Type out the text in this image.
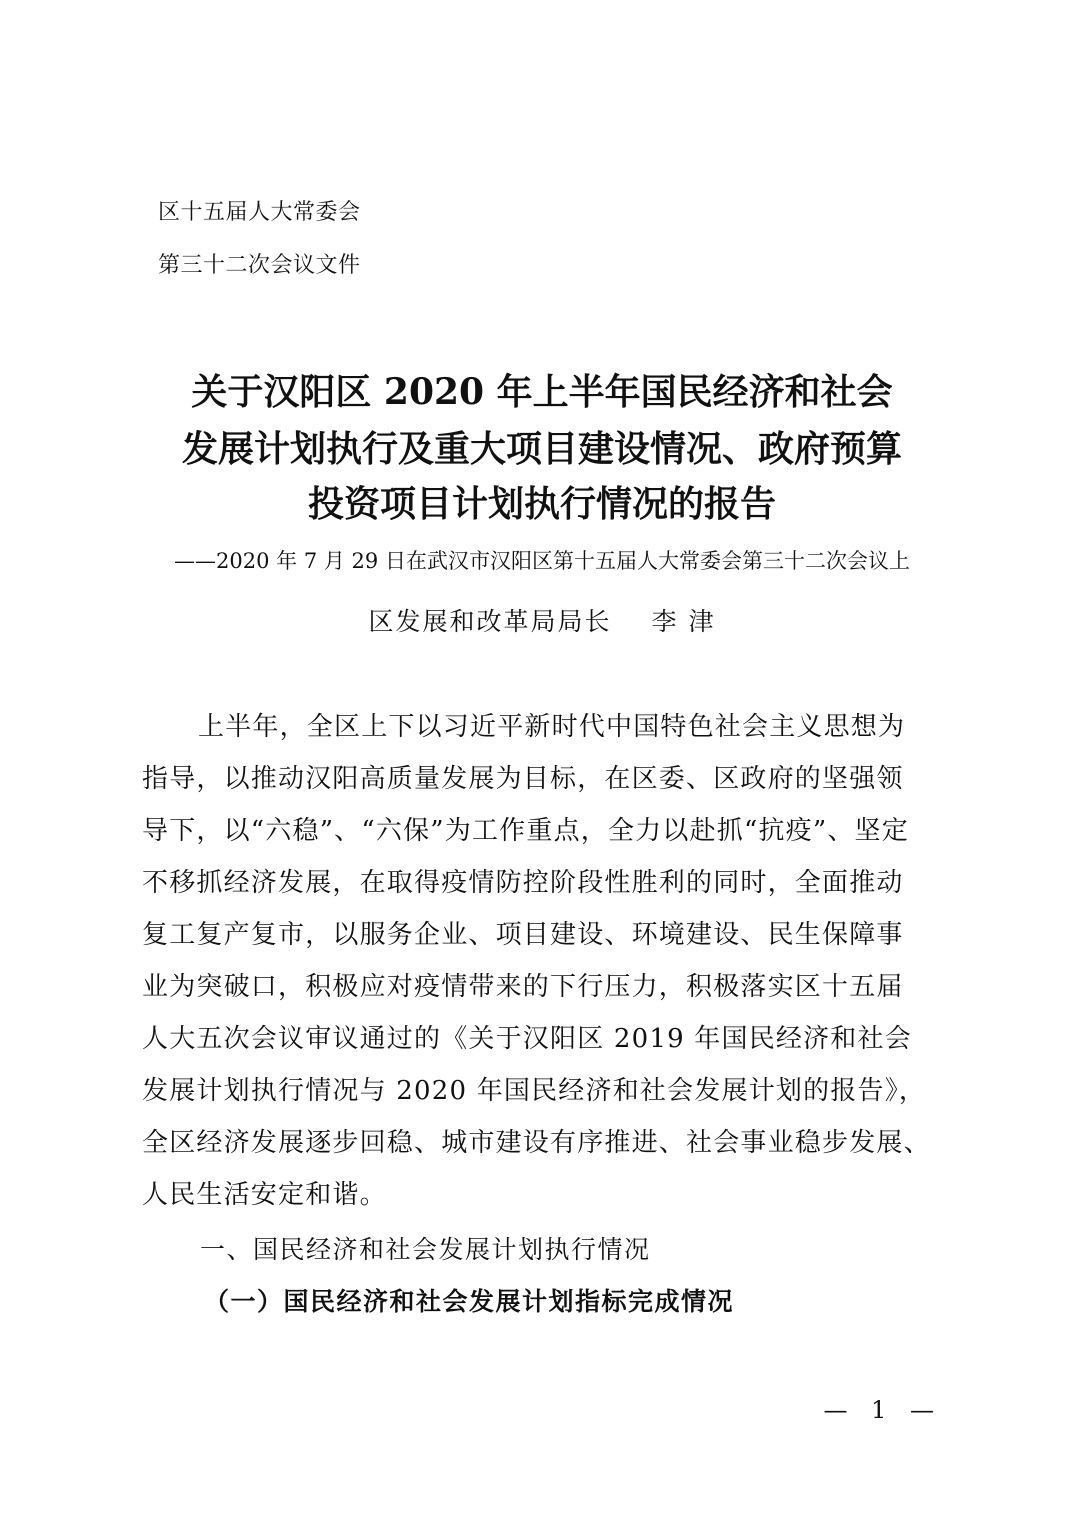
区十五届人大常委会
第三十二次会议文件
关于汉阳区 2020 年上半年国民经济和社会
发展计划执行及重大项目建设情况、政府预算
投资项目计划执行情况的报告
——2020 年 7 月 29 日在武汉市汉阳区第十五届人大常委会第三十二次会议上
区发展和改革局局长 李 津
上半年，全区上下以习近平新时代中国特色社会主义思想为
指导，以推动汉阳高质量发展为目标，在区委、区政府的坚强领
导下，以“六稳”、“六保”为工作重点，全力以赴抓“抗疫”、坚定
不移抓经济发展，在取得疫情防控阶段性胜利的同时，全面推动
复工复产复市，以服务企业、项目建设、环境建设、民生保障事
业为突破口，积极应对疫情带来的下行压力，积极落实区十五届
人大五次会议审议通过的《关于汉阳区 2019 年国民经济和社会
发展计划执行情况与 2020 年国民经济和社会发展计划的报告》，
全区经济发展逐步回稳、城市建设有序推进、社会事业稳步发展、
人民生活安定和谐。
一、国民经济和社会发展计划执行情况
（一）国民经济和社会发展计划指标完成情况
— 1 —
